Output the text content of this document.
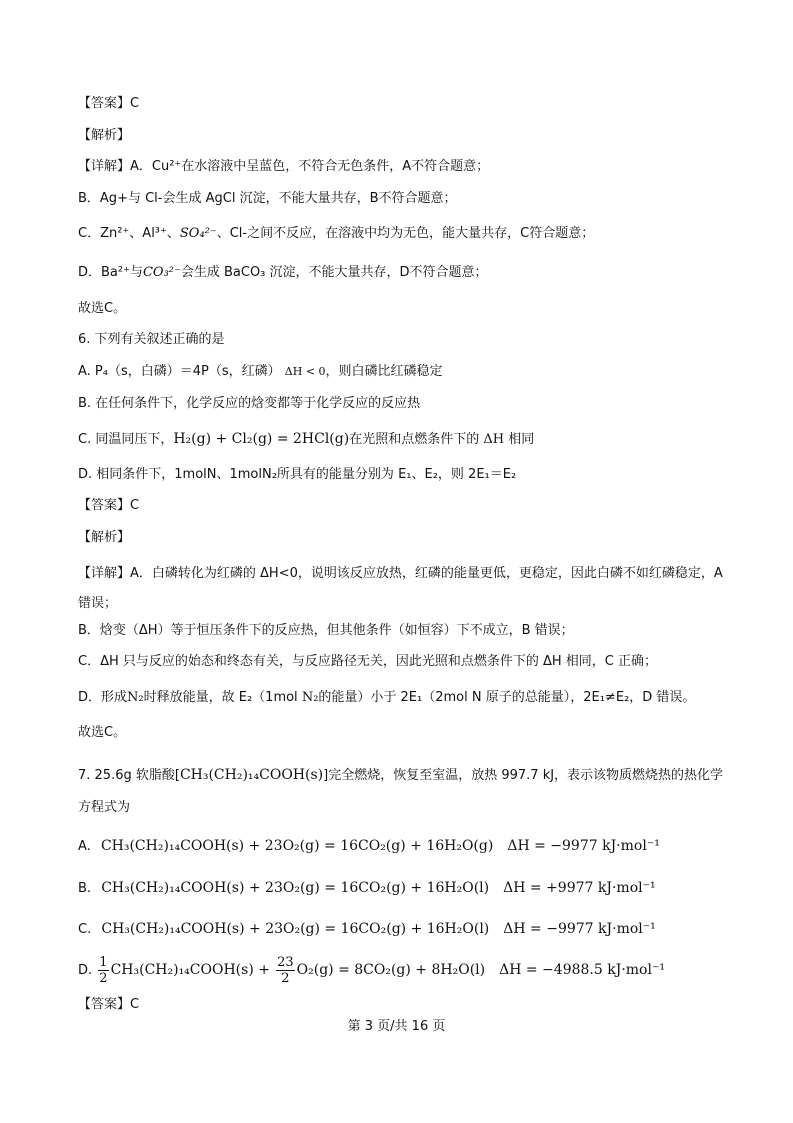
【答案】C
【解析】
【详解】A．Cu²⁺在水溶液中呈蓝色，不符合无色条件，A不符合题意；
B．Ag+与 Cl-会生成 AgCl 沉淀，不能大量共存，B不符合题意；
C．Zn²⁺、Al³⁺、SO₄²⁻、Cl-之间不反应，在溶液中均为无色，能大量共存，C符合题意；
D．Ba²⁺与CO₃²⁻会生成 BaCO₃ 沉淀，不能大量共存，D不符合题意；
故选C。
6. 下列有关叙述正确的是
A. P₄（s，白磷）＝4P（s，红磷） ΔH < 0，则白磷比红磷稳定
B. 在任何条件下，化学反应的焓变都等于化学反应的反应热
C. 同温同压下，H₂(g) + Cl₂(g) = 2HCl(g)在光照和点燃条件下的 ΔH 相同
D. 相同条件下，1molN、1molN₂所具有的能量分别为 E₁、E₂，则 2E₁＝E₂
【答案】C
【解析】
【详解】A．白磷转化为红磷的 ΔH<0，说明该反应放热，红磷的能量更低，更稳定，因此白磷不如红磷稳定，A 错误；
B．焓变（ΔH）等于恒压条件下的反应热，但其他条件（如恒容）下不成立，B 错误；
C．ΔH 只与反应的始态和终态有关，与反应路径无关，因此光照和点燃条件下的 ΔH 相同，C 正确；
D．形成N₂时释放能量，故 E₂（1mol N₂的能量）小于 2E₁（2mol N 原子的总能量），2E₁≠E₂，D 错误。
故选C。
7. 25.6g 软脂酸[CH₃(CH₂)₁₄COOH(s)]完全燃烧，恢复至室温，放热 997.7 kJ，表示该物质燃烧热的热化学方程式为
A. CH₃(CH₂)₁₄COOH(s) + 23O₂(g) = 16CO₂(g) + 16H₂O(g) ΔH = −9977 kJ·mol⁻¹
B. CH₃(CH₂)₁₄COOH(s) + 23O₂(g) = 16CO₂(g) + 16H₂O(l) ΔH = +9977 kJ·mol⁻¹
C. CH₃(CH₂)₁₄COOH(s) + 23O₂(g) = 16CO₂(g) + 16H₂O(l) ΔH = −9977 kJ·mol⁻¹
D. $\frac{1}{2}$ CH₃(CH₂)₁₄COOH(s) + $\frac{23}{2} O_2(g) = 8CO_2(g) + 8H_2O(l) \Delta H = -4988.5$ kJ·mol⁻¹
【答案】C
第 3 页/共 16 页
